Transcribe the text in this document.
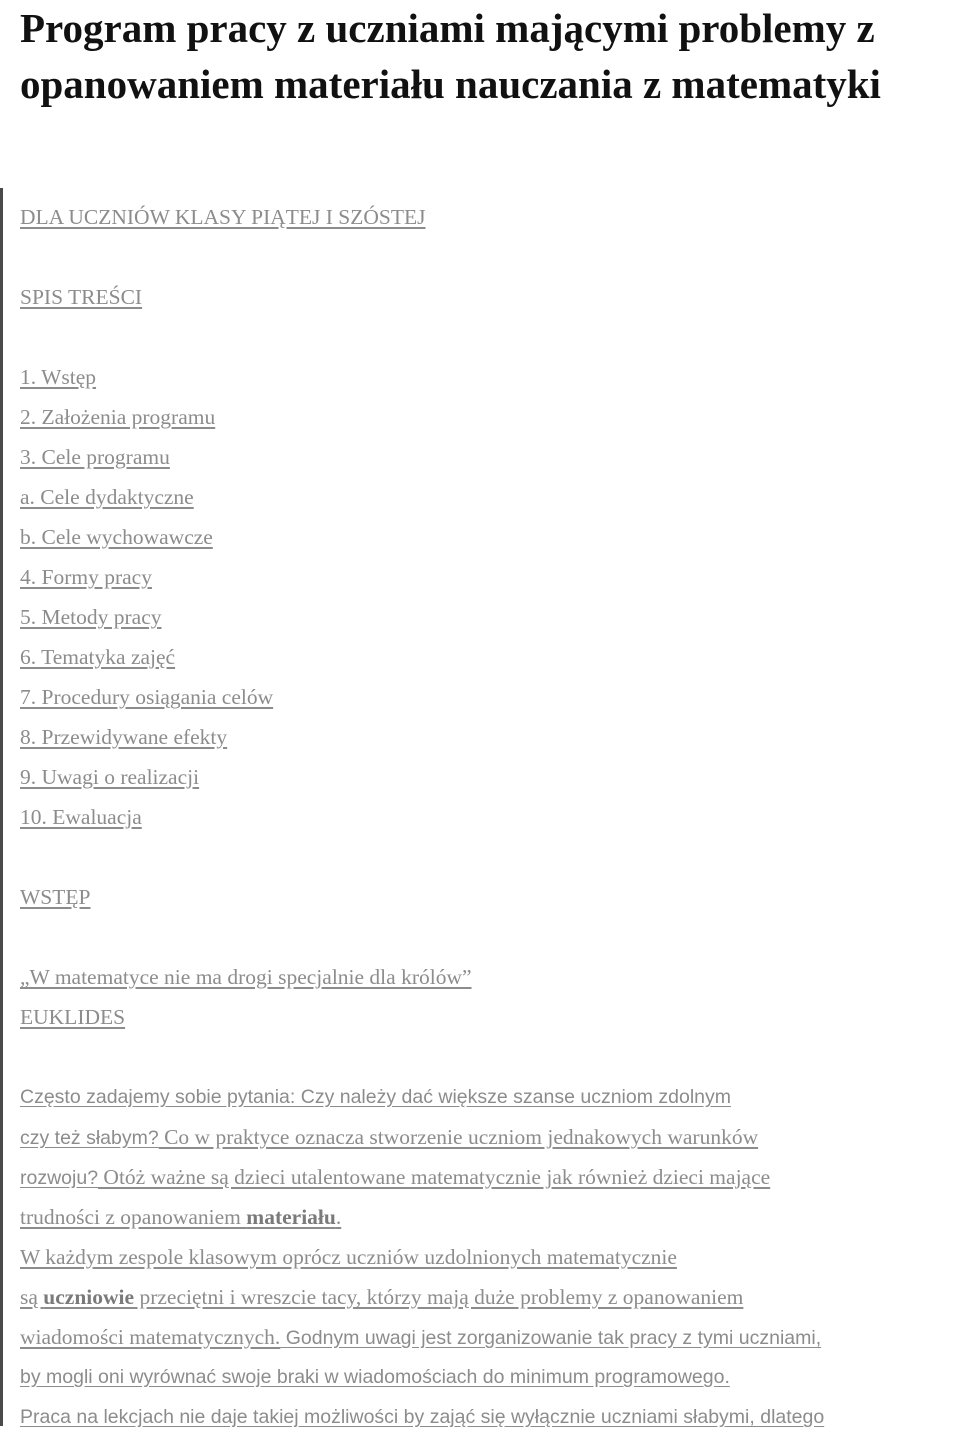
Program pracy z uczniami mającymi problemy z opanowaniem materiału nauczania z matematyki
DLA UCZNIÓW KLASY PIĄTEJ I SZÓSTEJ
SPIS TREŚCI
1. Wstęp
2. Założenia programu
3. Cele programu
a. Cele dydaktyczne
b. Cele wychowawcze
4. Formy pracy
5. Metody pracy
6. Tematyka zajęć
7. Procedury osiągania celów
8. Przewidywane efekty
9. Uwagi o realizacji
10. Ewaluacja
WSTĘP
„W matematyce nie ma drogi specjalnie dla królów”
EUKLIDES
Często zadajemy sobie pytania: Czy należy dać większe szanse uczniom zdolnym
czy też słabym? Co w praktyce oznacza stworzenie uczniom jednakowych warunków
rozwoju? Otóż ważne są dzieci utalentowane matematycznie jak również dzieci mające
trudności z opanowaniem materiału.
W każdym zespole klasowym oprócz uczniów uzdolnionych matematycznie
są uczniowie przeciętni i wreszcie tacy, którzy mają duże problemy z opanowaniem
wiadomości matematycznych. Godnym uwagi jest zorganizowanie tak pracy z tymi uczniami,
by mogli oni wyrównać swoje braki w wiadomościach do minimum programowego.
Praca na lekcjach nie daje takiej możliwości by zająć się wyłącznie uczniami słabymi, dlatego
